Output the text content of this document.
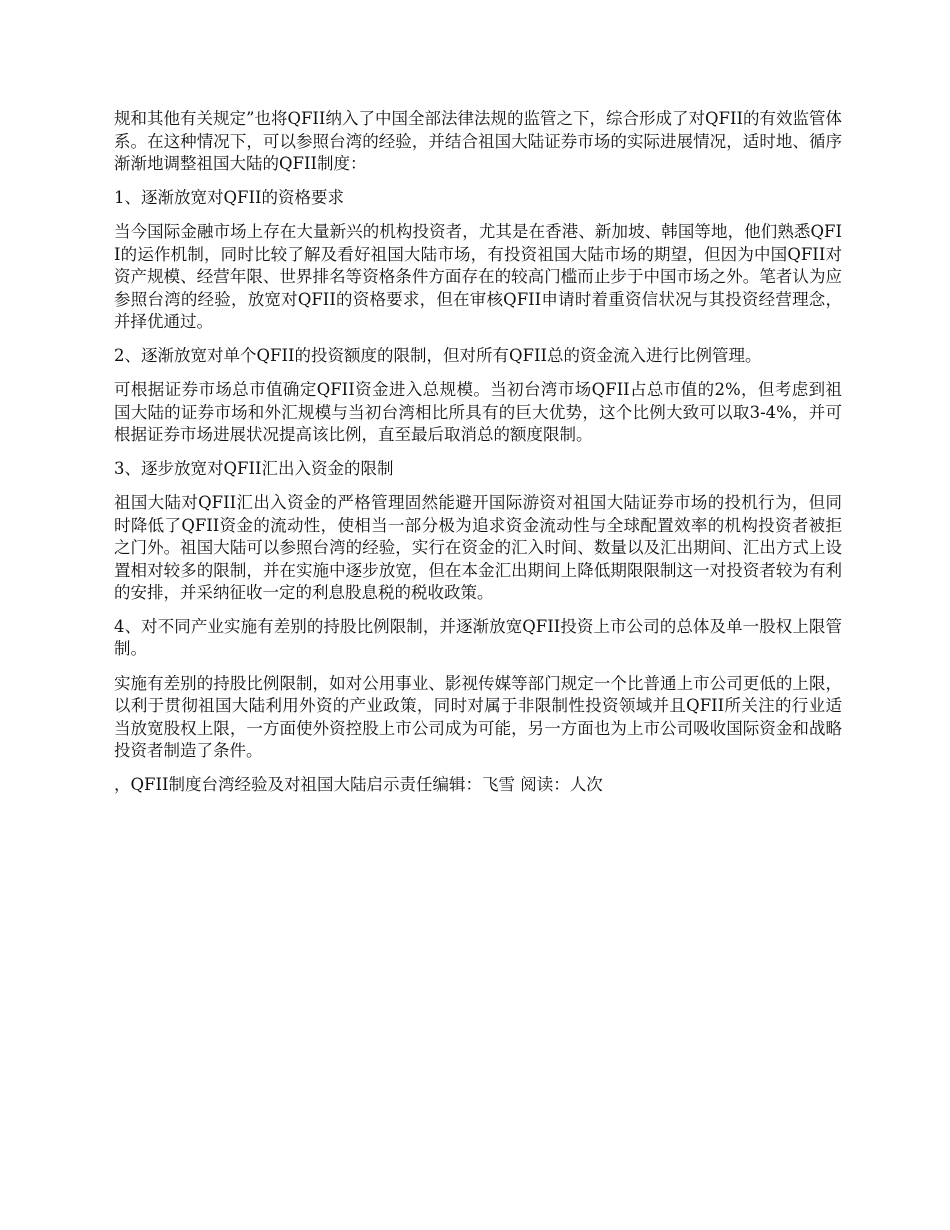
规和其他有关规定”也将QFII纳入了中国全部法律法规的监管之下，综合形成了对QFII的有效监管体系。在这种情况下，可以参照台湾的经验，并结合祖国大陆证券市场的实际进展情况，适时地、循序渐渐地调整祖国大陆的QFII制度：

1、逐渐放宽对QFII的资格要求

当今国际金融市场上存在大量新兴的机构投资者，尤其是在香港、新加坡、韩国等地，他们熟悉QFII的运作机制，同时比较了解及看好祖国大陆市场，有投资祖国大陆市场的期望，但因为中国QFII对资产规模、经营年限、世界排名等资格条件方面存在的较高门槛而止步于中国市场之外。笔者认为应参照台湾的经验，放宽对QFII的资格要求，但在审核QFII申请时着重资信状况与其投资经营理念，并择优通过。

2、逐渐放宽对单个QFII的投资额度的限制，但对所有QFII总的资金流入进行比例管理。

可根据证券市场总市值确定QFII资金进入总规模。当初台湾市场QFII占总市值的2%，但考虑到祖国大陆的证券市场和外汇规模与当初台湾相比所具有的巨大优势，这个比例大致可以取3-4%，并可根据证券市场进展状况提高该比例，直至最后取消总的额度限制。

3、逐步放宽对QFII汇出入资金的限制

祖国大陆对QFII汇出入资金的严格管理固然能避开国际游资对祖国大陆证券市场的投机行为，但同时降低了QFII资金的流动性，使相当一部分极为追求资金流动性与全球配置效率的机构投资者被拒之门外。祖国大陆可以参照台湾的经验，实行在资金的汇入时间、数量以及汇出期间、汇出方式上设置相对较多的限制，并在实施中逐步放宽，但在本金汇出期间上降低期限限制这一对投资者较为有利的安排，并采纳征收一定的利息股息税的税收政策。

4、对不同产业实施有差别的持股比例限制，并逐渐放宽QFII投资上市公司的总体及单一股权上限管制。

实施有差别的持股比例限制，如对公用事业、影视传媒等部门规定一个比普通上市公司更低的上限，以利于贯彻祖国大陆利用外资的产业政策，同时对属于非限制性投资领域并且QFII所关注的行业适当放宽股权上限，一方面使外资控股上市公司成为可能，另一方面也为上市公司吸收国际资金和战略投资者制造了条件。

，QFII制度台湾经验及对祖国大陆启示责任编辑：飞雪 阅读：人次
